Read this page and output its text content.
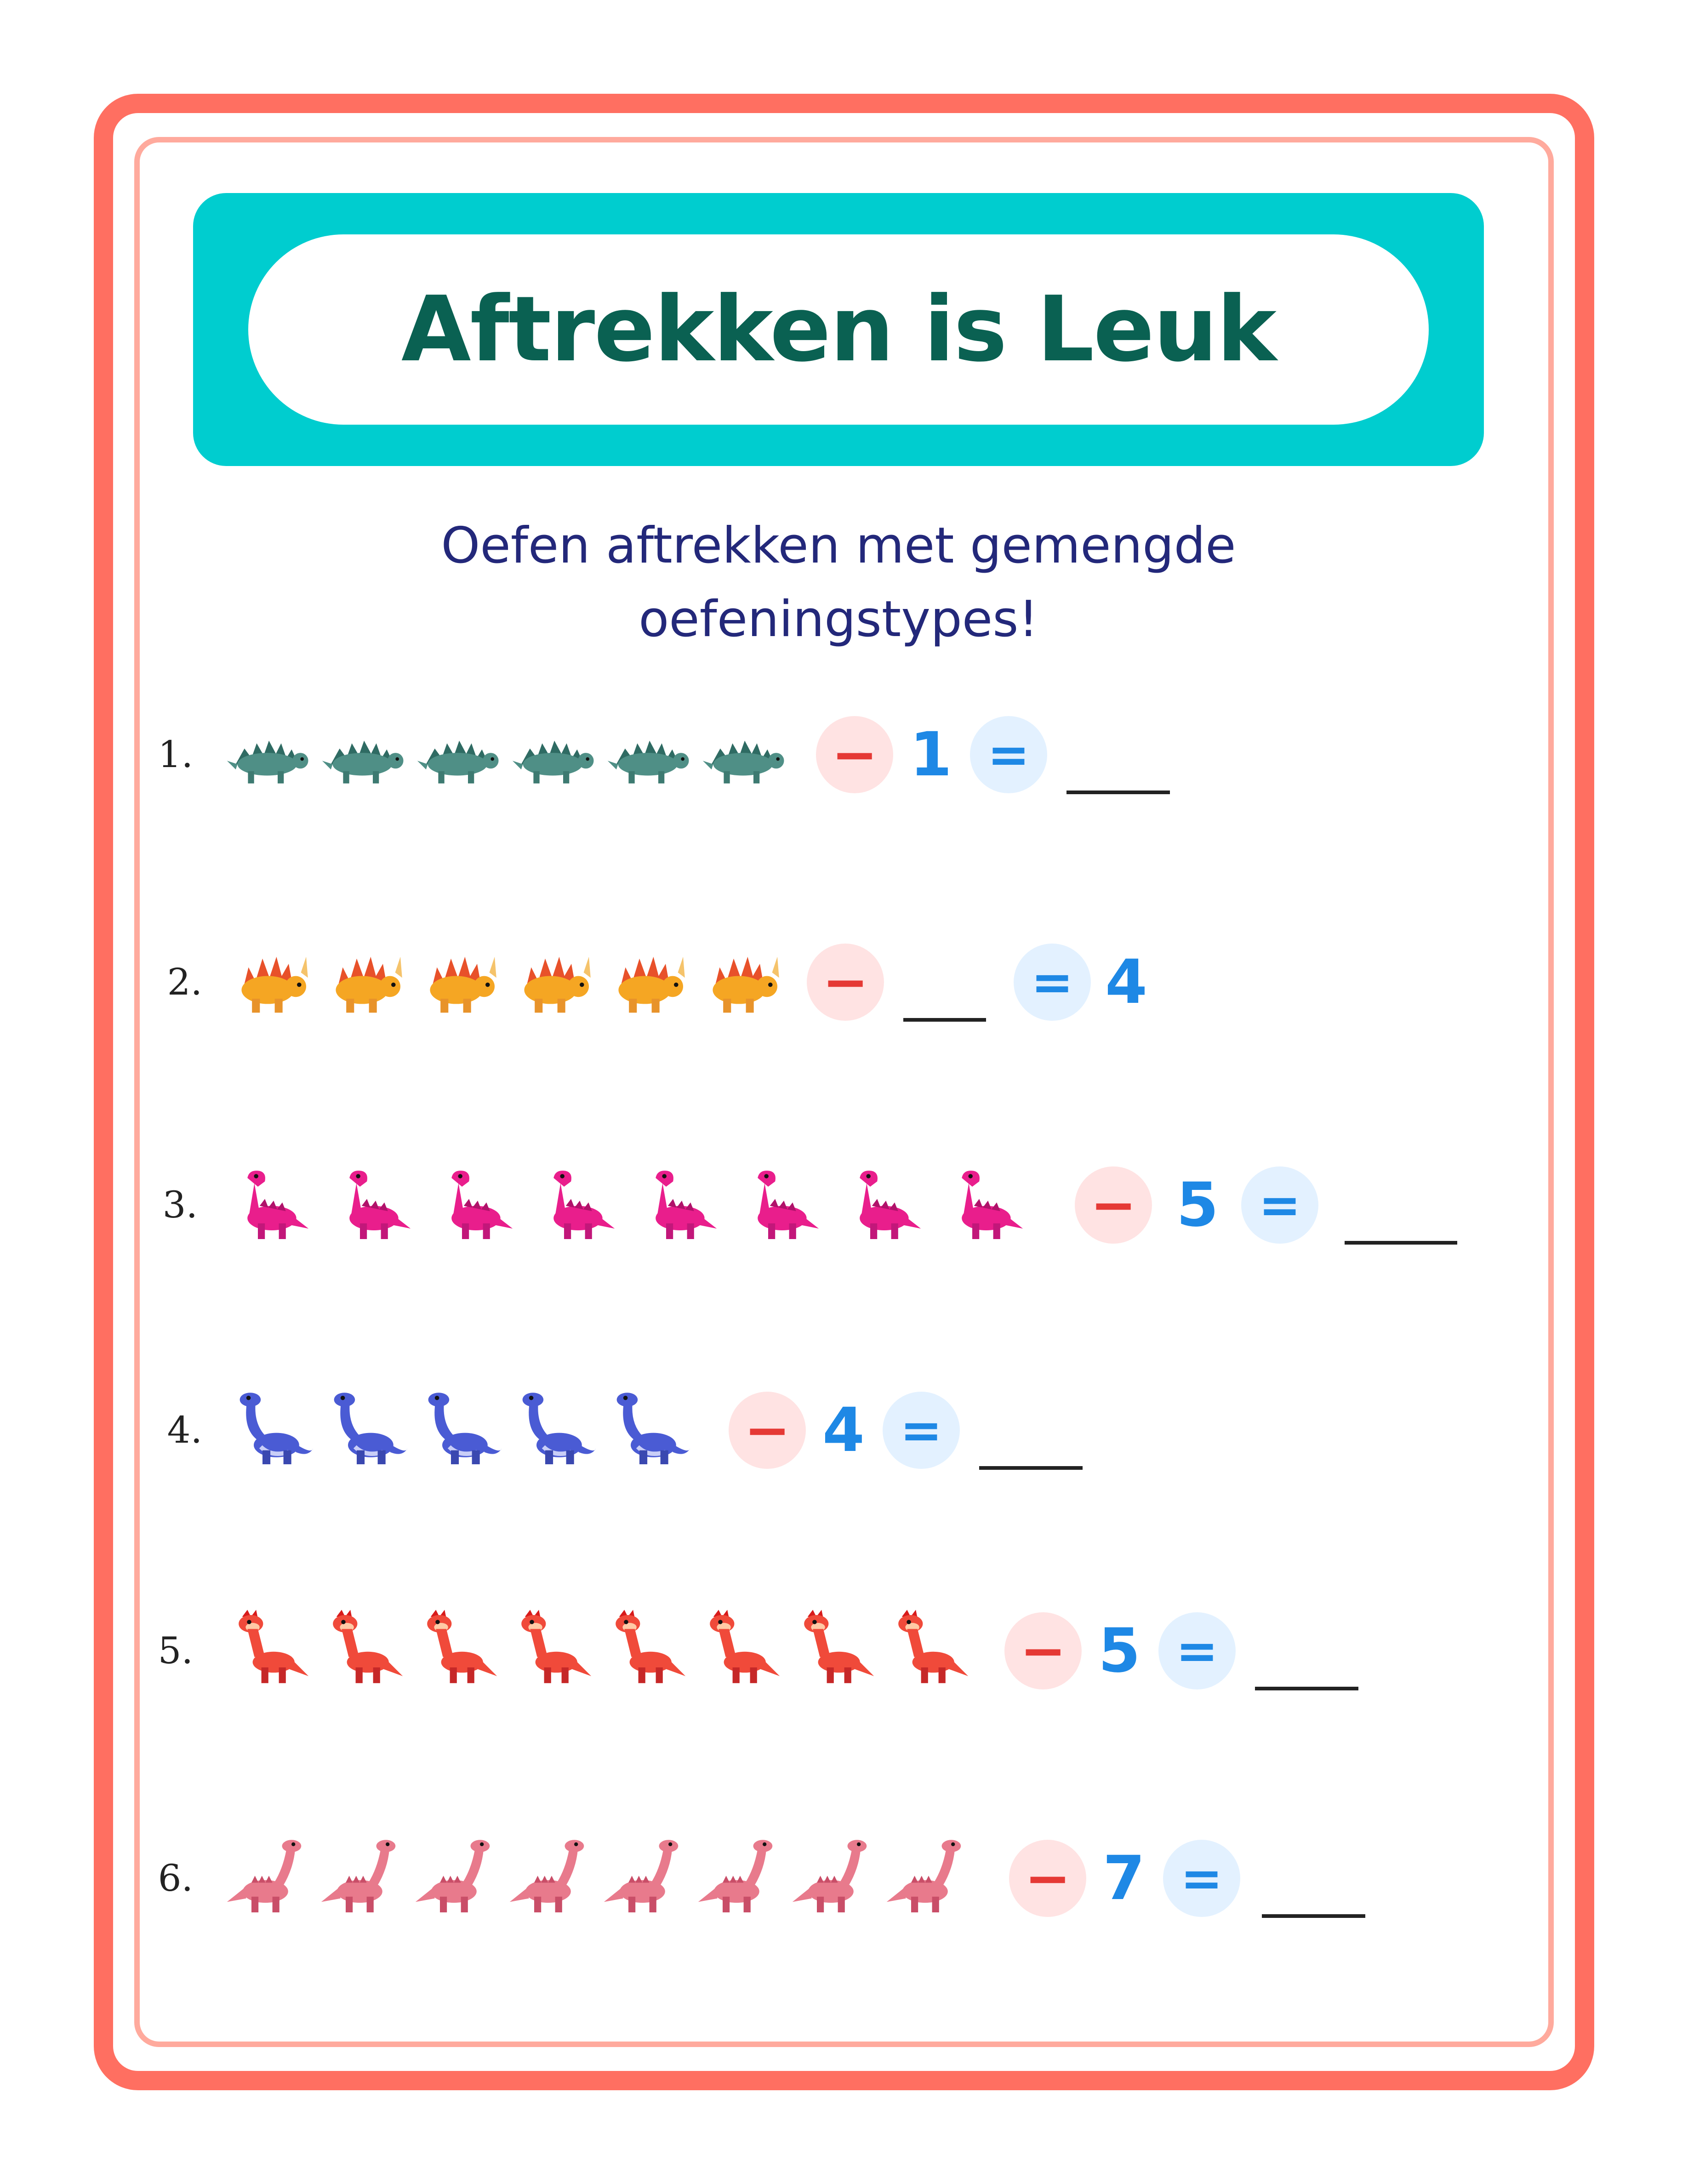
Aftrekken is Leuk
Oefen aftrekken met gemengde
oefeningstypes!
1.	− 1 =
2.	−	= 4
3.	− 5 =
4.	− 4 =
5.	− 5 =
6.	− 7 =
